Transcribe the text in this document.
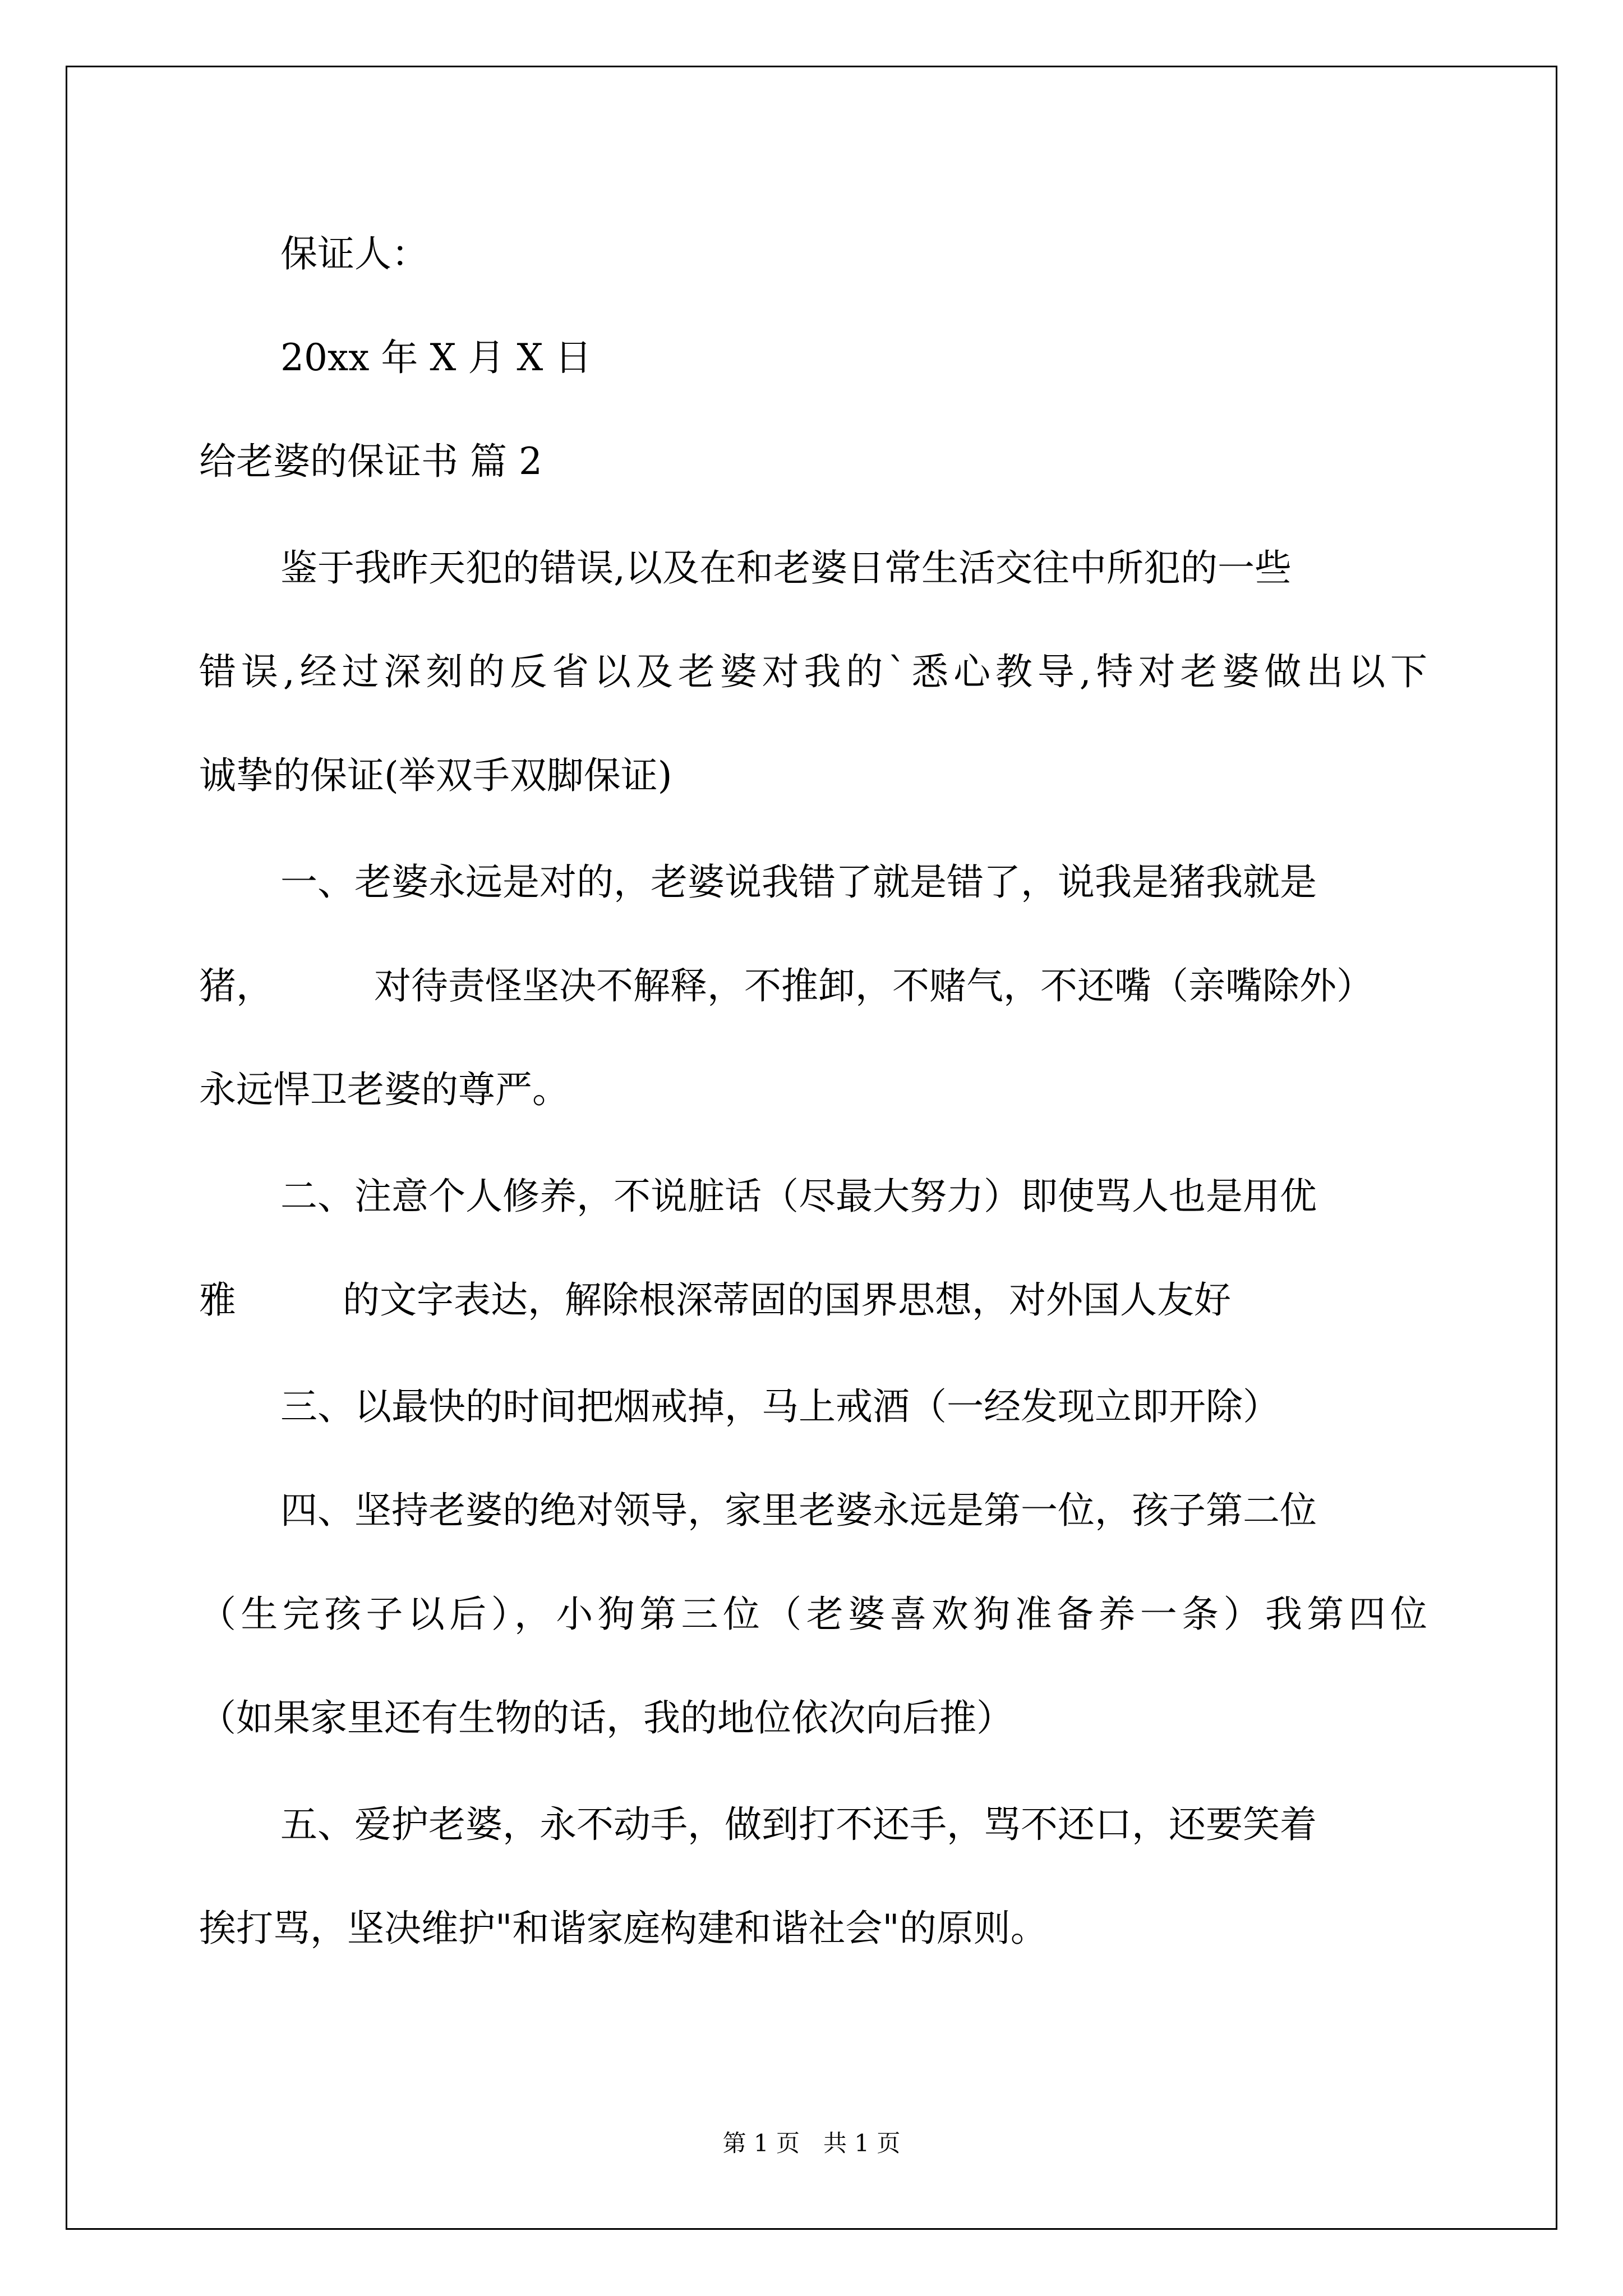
保证人：
20xx 年 X 月 X 日
给老婆的保证书 篇 2
鉴于我昨天犯的错误,以及在和老婆日常生活交往中所犯的一些
错误,经过深刻的反省以及老婆对我的`悉心教导,特对老婆做出以下
诚挚的保证(举双手双脚保证)
一、老婆永远是对的，老婆说我错了就是错了，说我是猪我就是
猪，	对待责怪坚决不解释，不推卸，不赌气，不还嘴（亲嘴除外）
永远悍卫老婆的尊严。
二、注意个人修养，不说脏话（尽最大努力）即使骂人也是用优
雅	的文字表达，解除根深蒂固的国界思想，对外国人友好
三、以最快的时间把烟戒掉，马上戒酒（一经发现立即开除）
四、坚持老婆的绝对领导，家里老婆永远是第一位，孩子第二位
（生完孩子以后），小狗第三位（老婆喜欢狗准备养一条）我第四位
（如果家里还有生物的话，我的地位依次向后推）
五、爱护老婆，永不动手，做到打不还手，骂不还口，还要笑着
挨打骂，坚决维护"和谐家庭构建和谐社会"的原则。
第 1 页　共 1 页
